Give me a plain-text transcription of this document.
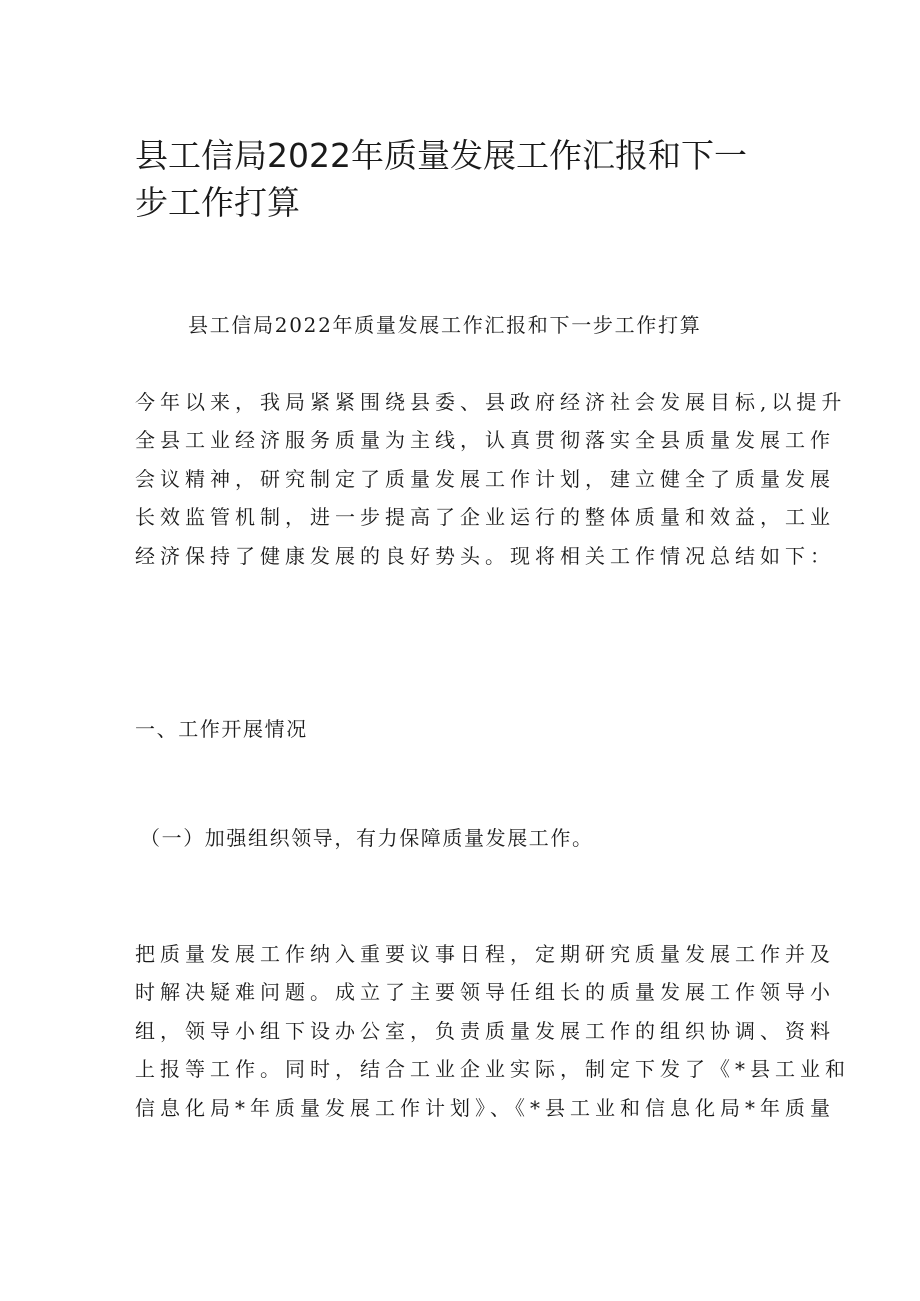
县工信局2022年质量发展工作汇报和下一
步工作打算

县工信局2022年质量发展工作汇报和下一步工作打算

今年以来，我局紧紧围绕县委、县政府经济社会发展目标,以提升
全县工业经济服务质量为主线，认真贯彻落实全县质量发展工作
会议精神，研究制定了质量发展工作计划，建立健全了质量发展
长效监管机制，进一步提高了企业运行的整体质量和效益，工业
经济保持了健康发展的良好势头。现将相关工作情况总结如下：

一、工作开展情况
（一）加强组织领导，有力保障质量发展工作。

把质量发展工作纳入重要议事日程，定期研究质量发展工作并及
时解决疑难问题。成立了主要领导任组长的质量发展工作领导小
组，领导小组下设办公室，负责质量发展工作的组织协调、资料
上报等工作。同时，结合工业企业实际，制定下发了《*县工业和
信息化局*年质量发展工作计划》、《*县工业和信息化局*年质量
